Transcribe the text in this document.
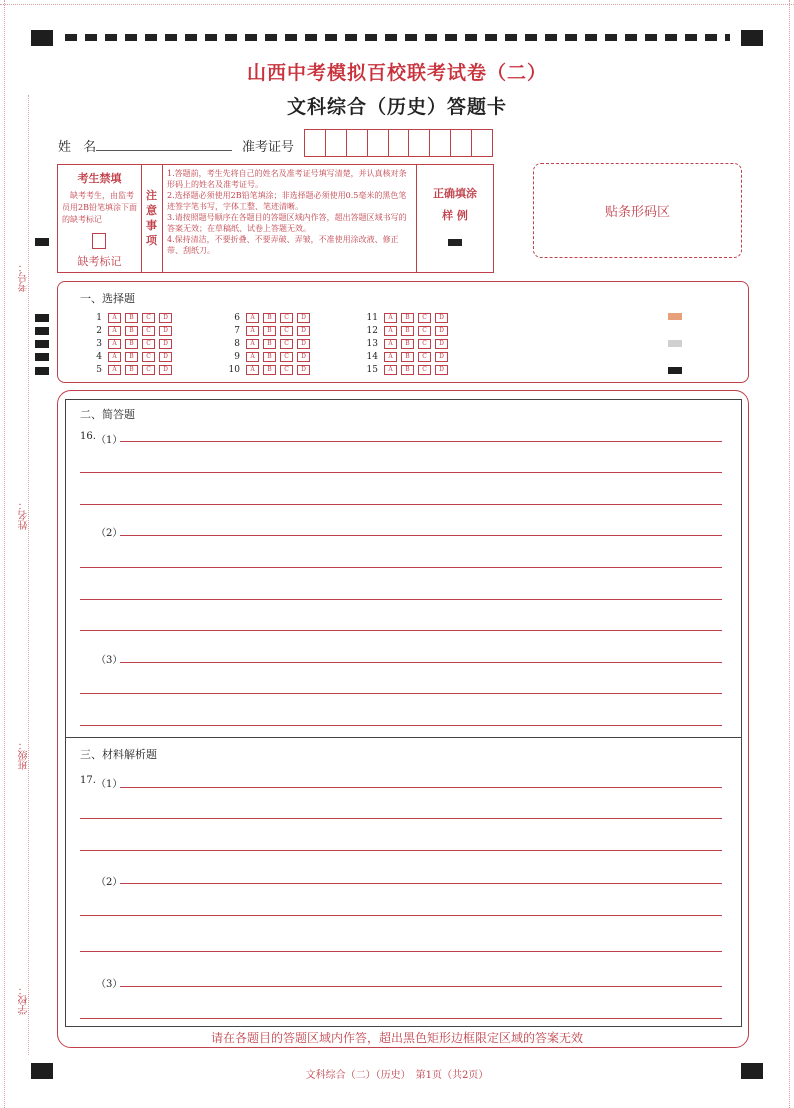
考号：
姓名：
班级：
学校：
山西中考模拟百校联考试卷（二）
文科综合（历史）答题卡
姓 名	准考证号
考生禁填
缺考考生，由监考员用2B铅笔填涂下面的缺考标记
缺考标记
注意事项
1.答题前，考生先将自己的姓名及准考证号填写清楚，并认真核对条形码上的姓名及准考证号。
2.选择题必须使用2B铅笔填涂；非选择题必须使用0.5毫米的黑色笔迹签字笔书写，字体工整、笔迹清晰。
3.请按照题号顺序在各题目的答题区域内作答，超出答题区域书写的答案无效；在草稿纸、试卷上答题无效。
4.保持清洁，不要折叠、不要弄破、弄皱，不准使用涂改液、修正带、刮纸刀。
正确填涂
样 例	贴条形码区
一、选择题
1	A	B	C	D
2	A	B	C	D
3	A	B	C	D
4	A	B	C	D
5	A	B	C	D
6	A	B	C	D
7	A	B	C	D
8	A	B	C	D
9	A	B	C	D
10	A	B	C	D
11	A	B	C	D
12	A	B	C	D
13	A	B	C	D
14	A	B	C	D
15	A	B	C	D
二、简答题
16. （1）
（2）
（3）
三、材料解析题
17. （1）
（2）
（3）
请在各题目的答题区域内作答，超出黑色矩形边框限定区域的答案无效
文科综合（二）（历史）　第1页（共2页）
